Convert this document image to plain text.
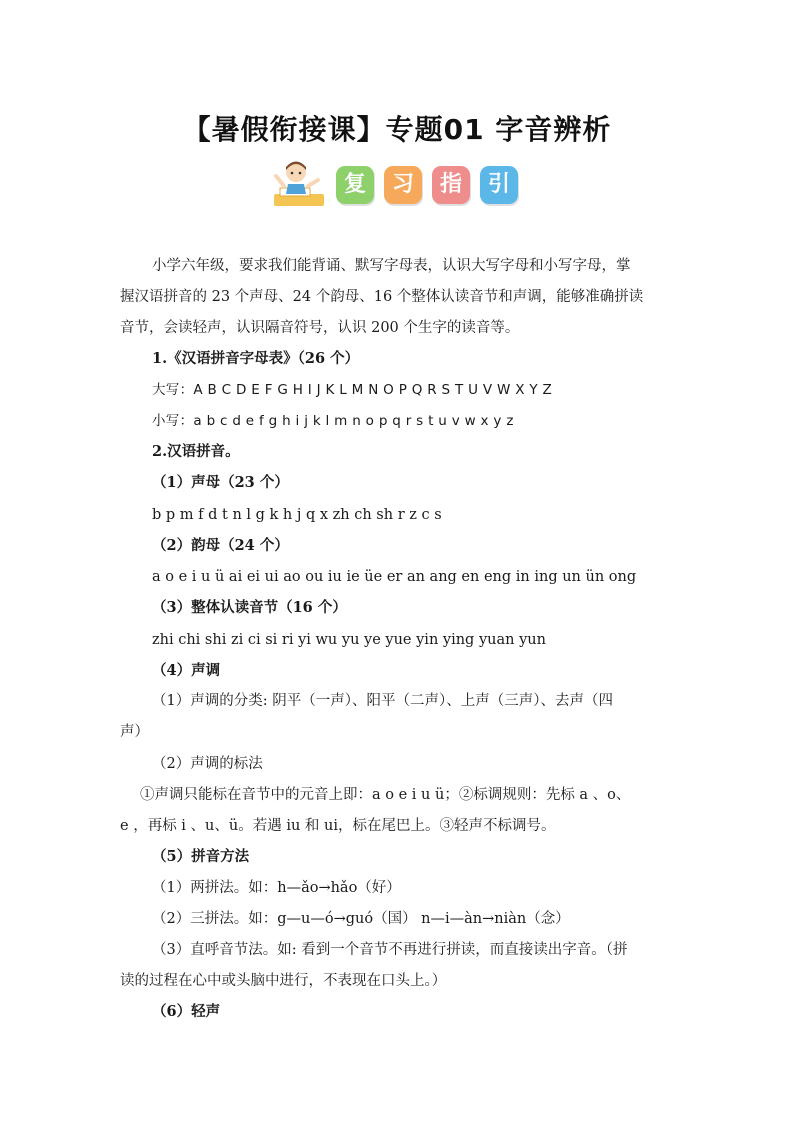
【暑假衔接课】专题01 字音辨析
复	习	指	引
小学六年级，要求我们能背诵、默写字母表，认识大写字母和小写字母，掌
握汉语拼音的 23 个声母、24 个韵母、16 个整体认读音节和声调，能够准确拼读
音节，会读轻声，认识隔音符号，认识 200 个生字的读音等。
1.《汉语拼音字母表》（26 个）
大写：A B C D E F G H I J K L M N O P Q R S T U V W X Y Z
小写：a b c d e f g h i j k l m n o p q r s t u v w x y z
2.汉语拼音。
（1）声母（23 个）
b p m f d t n l g k h j q x zh ch sh r z c s
（2）韵母（24 个）
a o e i u ü ai ei ui ao ou iu ie üe er an ang en eng in ing un ün ong
（3）整体认读音节（16 个）
zhi chi shi zi ci si ri yi wu yu ye yue yin ying yuan yun
（4）声调
（1）声调的分类: 阴平（一声）、阳平（二声）、上声（三声）、去声（四
声）
（2）声调的标法
①声调只能标在音节中的元音上即：a o e i u ü；②标调规则：先标 a 、o、
e ，再标 i 、u、ü。若遇 iu 和 ui，标在尾巴上。③轻声不标调号。
（5）拼音方法
（1）两拼法。如：h—ǎo→hǎo（好）
（2）三拼法。如：g—u—ó→guó（国） n—i—àn→niàn（念）
（3）直呼音节法。如: 看到一个音节不再进行拼读，而直接读出字音。（拼
读的过程在心中或头脑中进行，不表现在口头上。）
（6）轻声
